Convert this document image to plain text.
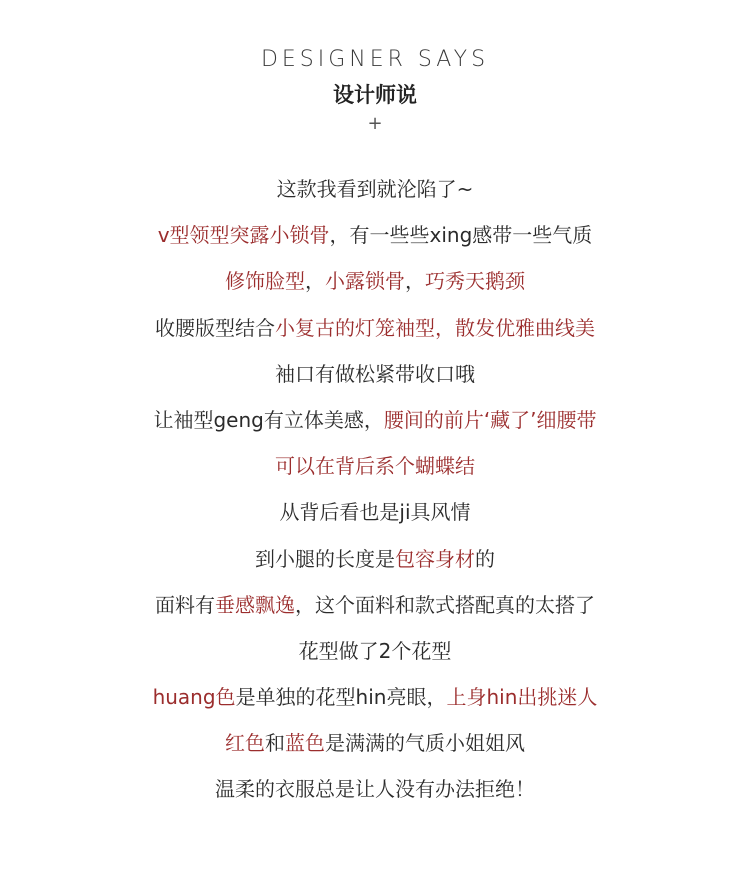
DESIGNER SAYS
设计师说
+
这款我看到就沦陷了~
v型领型突露小锁骨，有一些些xing感带一些气质
修饰脸型，小露锁骨，巧秀天鹅颈
收腰版型结合小复古的灯笼袖型，散发优雅曲线美
袖口有做松紧带收口哦
让袖型geng有立体美感，腰间的前片‘藏了’细腰带
可以在背后系个蝴蝶结
从背后看也是ji具风情
到小腿的长度是包容身材的
面料有垂感飘逸，这个面料和款式搭配真的太搭了
花型做了2个花型
huang色是单独的花型hin亮眼，上身hin出挑迷人
红色和蓝色是满满的气质小姐姐风
温柔的衣服总是让人没有办法拒绝！
